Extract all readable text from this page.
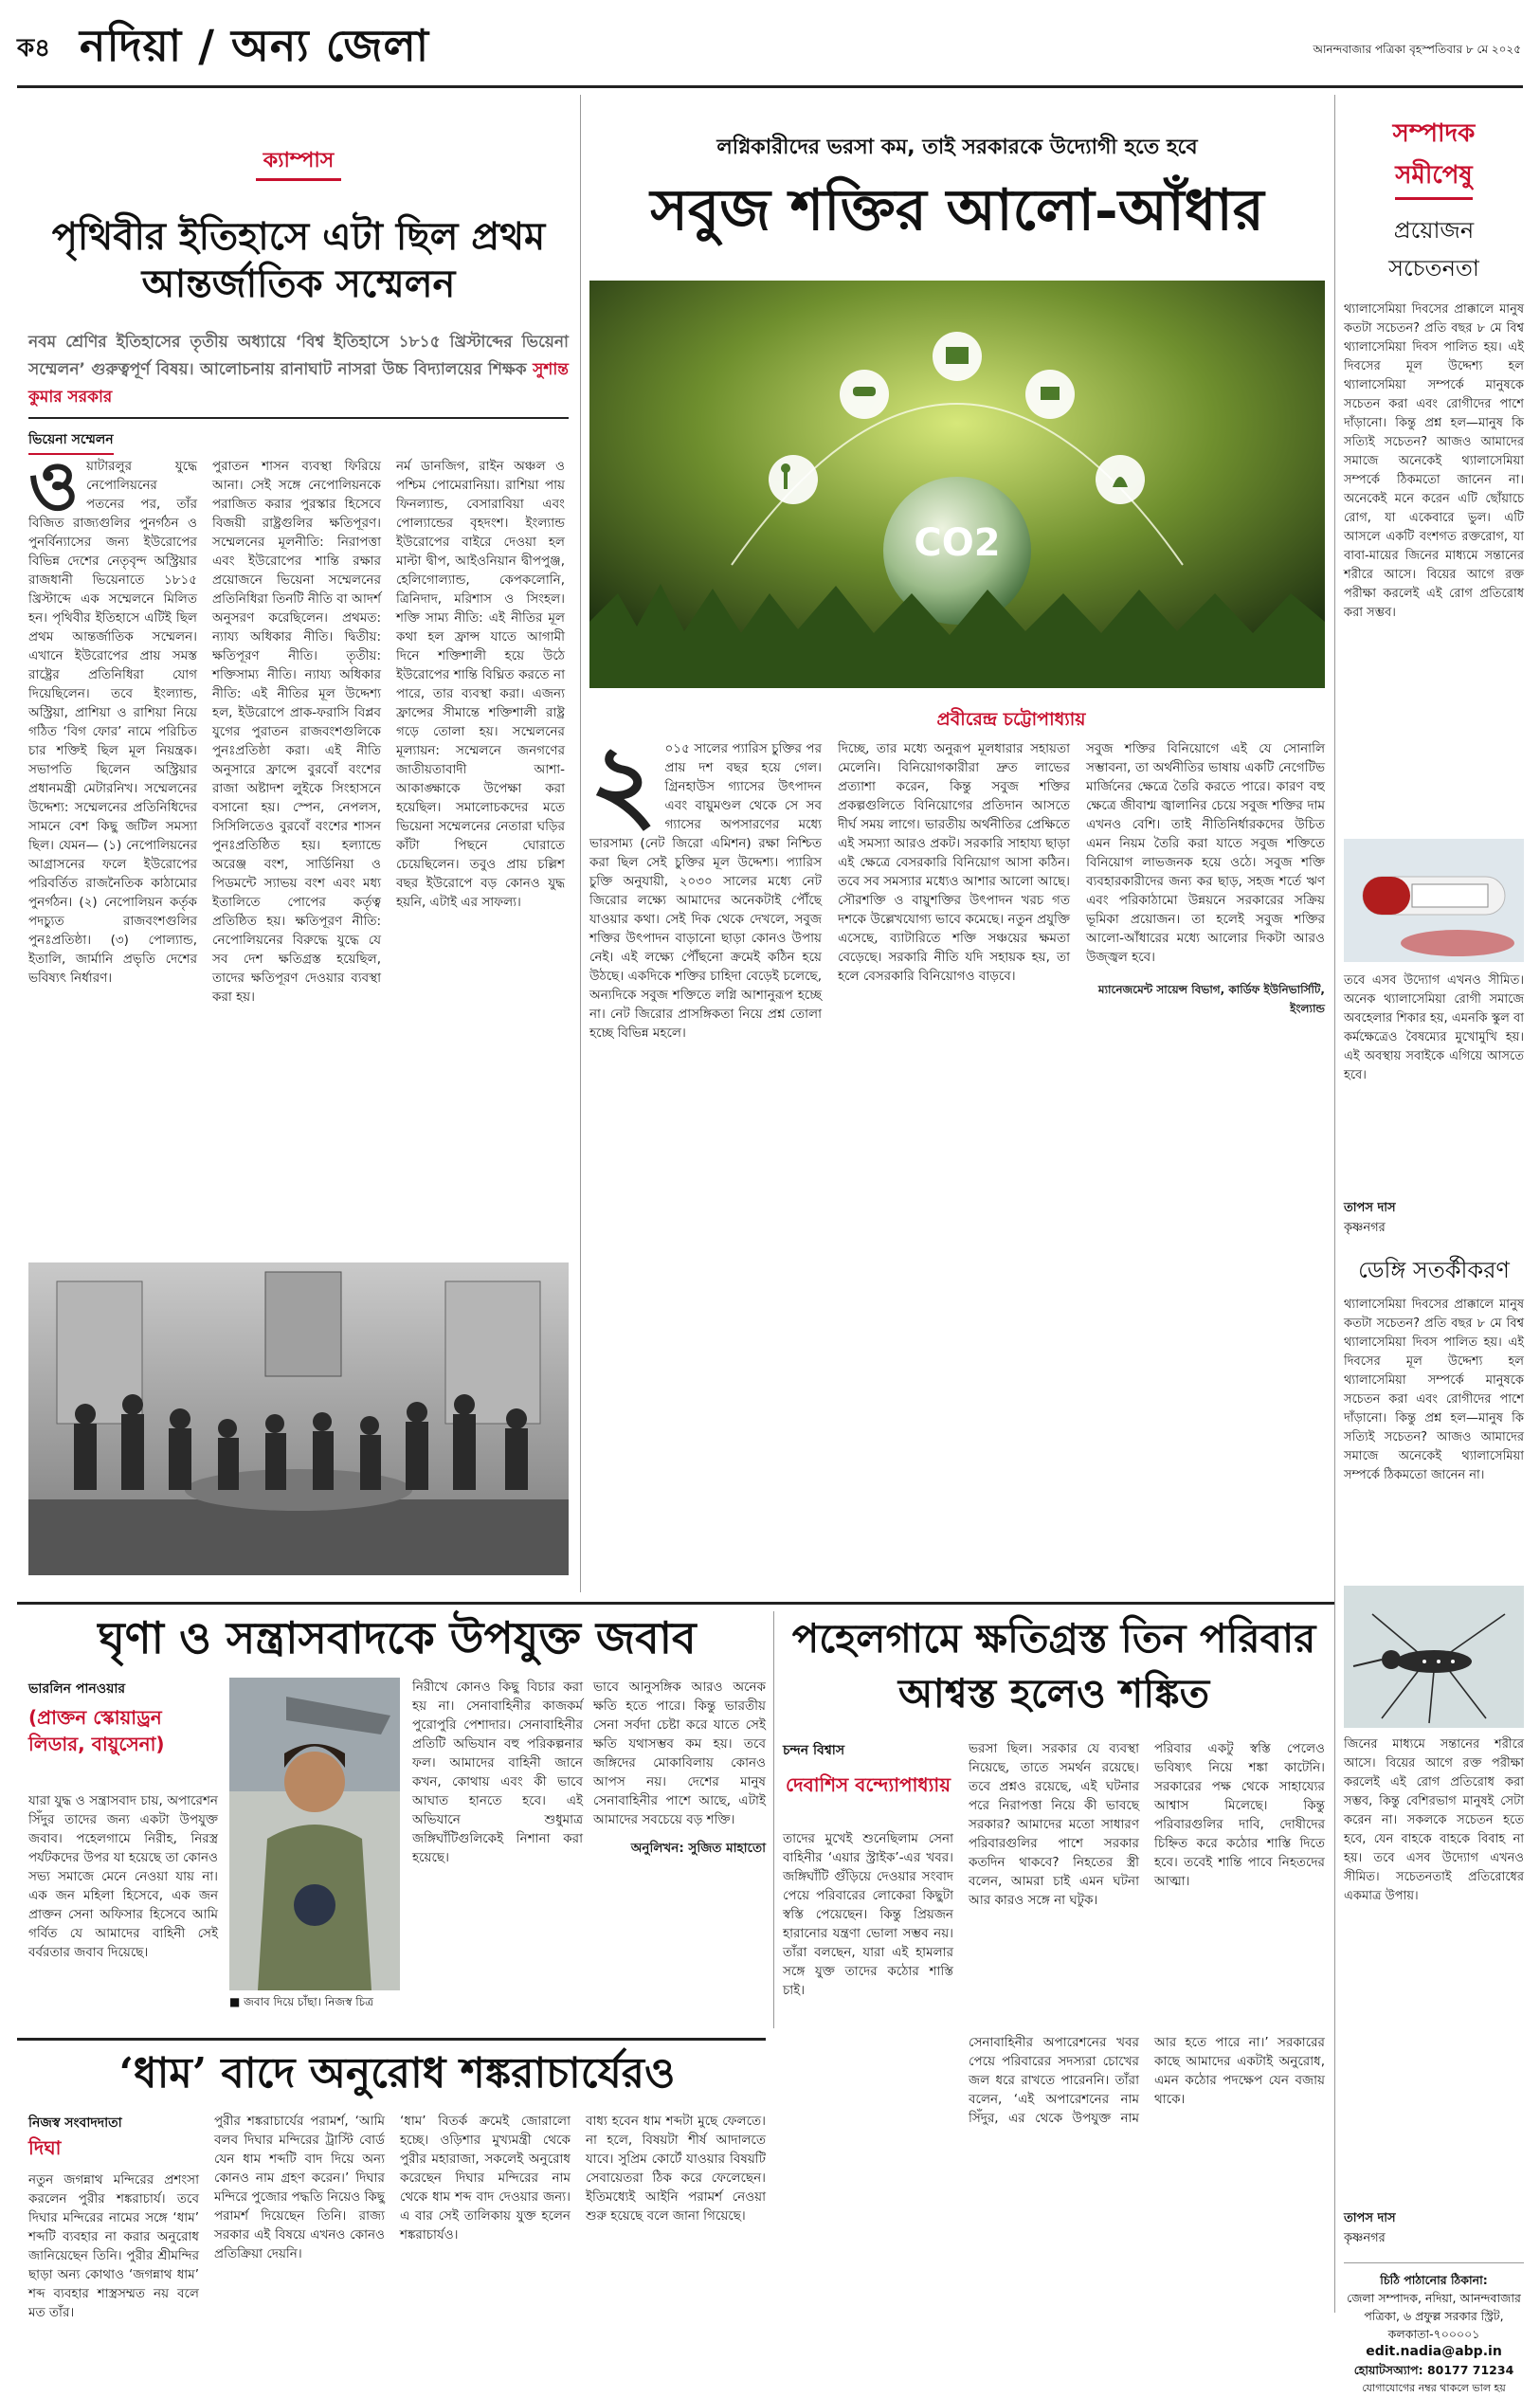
ক৪ নদিয়া / অন্য জেলা	আনন্দবাজার পত্রিকা বৃহস্পতিবার ৮ মে ২০২৫
ক্যাম্পাস
পৃথিবীর ইতিহাসে এটা ছিল প্রথম আন্তর্জাতিক সম্মেলন
নবম শ্রেণির ইতিহাসের তৃতীয় অধ্যায়ে ‘বিশ্ব ইতিহাসে ১৮১৫ খ্রিস্টাব্দের ভিয়েনা সম্মেলন’ গুরুত্বপূর্ণ বিষয়। আলোচনায় রানাঘাট নাসরা উচ্চ বিদ্যালয়ের শিক্ষক সুশান্ত কুমার সরকার
ভিয়েনা সম্মেলন
ও য়াটারলুর যুদ্ধে নেপোলিয়নের পতনের পর, তাঁর বিজিত রাজ্যগুলির পুনর্গঠন ও পুনর্বিন্যাসের জন্য ইউরোপের বিভিন্ন দেশের নেতৃবৃন্দ অস্ট্রিয়ার রাজধানী ভিয়েনাতে ১৮১৫ খ্রিস্টাব্দে এক সম্মেলনে মিলিত হন। পৃথিবীর ইতিহাসে এটিই ছিল প্রথম আন্তর্জাতিক সম্মেলন। এখানে ইউরোপের প্রায় সমস্ত রাষ্ট্রের প্রতিনিধিরা যোগ দিয়েছিলেন। তবে ইংল্যান্ড, অস্ট্রিয়া, প্রাশিয়া ও রাশিয়া নিয়ে গঠিত ‘বিগ ফোর’ নামে পরিচিত চার শক্তিই ছিল মূল নিয়ন্ত্রক। সভাপতি ছিলেন অস্ট্রিয়ার প্রধানমন্ত্রী মেটারনিখ। সম্মেলনের উদ্দেশ্য: সম্মেলনের প্রতিনিধিদের সামনে বেশ কিছু জটিল সমস্যা ছিল। যেমন— (১) নেপোলিয়নের আগ্রাসনের ফলে ইউরোপের পরিবর্তিত রাজনৈতিক কাঠামোর পুনর্গঠন। (২) নেপোলিয়ন কর্তৃক পদচ্যুত রাজবংশগুলির পুনঃপ্রতিষ্ঠা। (৩) পোল্যান্ড, ইতালি, জার্মানি প্রভৃতি দেশের ভবিষ্যৎ নির্ধারণ।
পুরাতন শাসন ব্যবস্থা ফিরিয়ে আনা। সেই সঙ্গে নেপোলিয়নকে পরাজিত করার পুরস্কার হিসেবে বিজয়ী রাষ্ট্রগুলির ক্ষতিপূরণ। সম্মেলনের মূলনীতি: নিরাপত্তা এবং ইউরোপের শান্তি রক্ষার প্রয়োজনে ভিয়েনা সম্মেলনের প্রতিনিধিরা তিনটি নীতি বা আদর্শ অনুসরণ করেছিলেন। প্রথমত: ন্যায্য অধিকার নীতি। দ্বিতীয়: ক্ষতিপূরণ নীতি। তৃতীয়: শক্তিসাম্য নীতি। ন্যায্য অধিকার নীতি: এই নীতির মূল উদ্দেশ্য হল, ইউরোপে প্রাক-ফরাসি বিপ্লব যুগের পুরাতন রাজবংশগুলিকে পুনঃপ্রতিষ্ঠা করা। এই নীতি অনুসারে ফ্রান্সে বুরবোঁ বংশের রাজা অষ্টাদশ লুইকে সিংহাসনে বসানো হয়। স্পেন, নেপলস, সিসিলিতেও বুরবোঁ বংশের শাসন পুনঃপ্রতিষ্ঠিত হয়। হল্যান্ডে অরেঞ্জ বংশ, সার্ডিনিয়া ও পিডমন্টে স্যাভয় বংশ এবং মধ্য ইতালিতে পোপের কর্তৃত্ব প্রতিষ্ঠিত হয়। ক্ষতিপূরণ নীতি: নেপোলিয়নের বিরুদ্ধে যুদ্ধে যে সব দেশ ক্ষতিগ্রস্ত হয়েছিল, তাদের ক্ষতিপূরণ দেওয়ার ব্যবস্থা করা হয়।
নর্ম ডানজিগ, রাইন অঞ্চল ও পশ্চিম পোমেরানিয়া। রাশিয়া পায় ফিনল্যান্ড, বেসারাবিয়া এবং পোল্যান্ডের বৃহদংশ। ইংল্যান্ড ইউরোপের বাইরে দেওয়া হল মাল্টা দ্বীপ, আইওনিয়ান দ্বীপপুঞ্জ, হেলিগোল্যান্ড, কেপকলোনি, ত্রিনিদাদ, মরিশাস ও সিংহল। শক্তি সাম্য নীতি: এই নীতির মূল কথা হল ফ্রান্স যাতে আগামী দিনে শক্তিশালী হয়ে উঠে ইউরোপের শান্তি বিঘ্নিত করতে না পারে, তার ব্যবস্থা করা। এজন্য ফ্রান্সের সীমান্তে শক্তিশালী রাষ্ট্র গড়ে তোলা হয়। সম্মেলনের মূল্যায়ন: সম্মেলনে জনগণের জাতীয়তাবাদী আশা-আকাঙ্ক্ষাকে উপেক্ষা করা হয়েছিল। সমালোচকদের মতে ভিয়েনা সম্মেলনের নেতারা ঘড়ির কাঁটা পিছনে ঘোরাতে চেয়েছিলেন। তবুও প্রায় চল্লিশ বছর ইউরোপে বড় কোনও যুদ্ধ হয়নি, এটাই এর সাফল্য।
লগ্নিকারীদের ভরসা কম, তাই সরকারকে উদ্যোগী হতে হবে
সবুজ শক্তির আলো-আঁধার
CO2
প্রবীরেন্দ্র চট্টোপাধ্যায়
২ ০১৫ সালের প্যারিস চুক্তির পর প্রায় দশ বছর হয়ে গেল। গ্রিনহাউস গ্যাসের উৎপাদন এবং বায়ুমণ্ডল থেকে সে সব গ্যাসের অপসারণের মধ্যে ভারসাম্য (নেট জিরো এমিশন) রক্ষা নিশ্চিত করা ছিল সেই চুক্তির মূল উদ্দেশ্য। প্যারিস চুক্তি অনুযায়ী, ২০৩০ সালের মধ্যে নেট জিরোর লক্ষ্যে আমাদের অনেকটাই পৌঁছে যাওয়ার কথা। সেই দিক থেকে দেখলে, সবুজ শক্তির উৎপাদন বাড়ানো ছাড়া কোনও উপায় নেই। এই লক্ষ্যে পৌঁছনো ক্রমেই কঠিন হয়ে উঠছে। একদিকে শক্তির চাহিদা বেড়েই চলেছে, অন্যদিকে সবুজ শক্তিতে লগ্নি আশানুরূপ হচ্ছে না। নেট জিরোর প্রাসঙ্গিকতা নিয়ে প্রশ্ন তোলা হচ্ছে বিভিন্ন মহলে।
দিচ্ছে, তার মধ্যে অনুরূপ মূলধারার সহায়তা মেলেনি। বিনিয়োগকারীরা দ্রুত লাভের প্রত্যাশা করেন, কিন্তু সবুজ শক্তির প্রকল্পগুলিতে বিনিয়োগের প্রতিদান আসতে দীর্ঘ সময় লাগে। ভারতীয় অর্থনীতির প্রেক্ষিতে এই সমস্যা আরও প্রকট। সরকারি সাহায্য ছাড়া এই ক্ষেত্রে বেসরকারি বিনিয়োগ আসা কঠিন। তবে সব সমস্যার মধ্যেও আশার আলো আছে। সৌরশক্তি ও বায়ুশক্তির উৎপাদন খরচ গত দশকে উল্লেখযোগ্য ভাবে কমেছে। নতুন প্রযুক্তি এসেছে, ব্যাটারিতে শক্তি সঞ্চয়ের ক্ষমতা বেড়েছে। সরকারি নীতি যদি সহায়ক হয়, তা হলে বেসরকারি বিনিয়োগও বাড়বে।
সবুজ শক্তির বিনিয়োগে এই যে সোনালি সম্ভাবনা, তা অর্থনীতির ভাষায় একটি নেগেটিভ মার্জিনের ক্ষেত্রে তৈরি করতে পারে। কারণ বহু ক্ষেত্রে জীবাশ্ম জ্বালানির চেয়ে সবুজ শক্তির দাম এখনও বেশি। তাই নীতিনির্ধারকদের উচিত এমন নিয়ম তৈরি করা যাতে সবুজ শক্তিতে বিনিয়োগ লাভজনক হয়ে ওঠে। সবুজ শক্তি ব্যবহারকারীদের জন্য কর ছাড়, সহজ শর্তে ঋণ এবং পরিকাঠামো উন্নয়নে সরকারের সক্রিয় ভূমিকা প্রয়োজন। তা হলেই সবুজ শক্তির আলো-আঁধারের মধ্যে আলোর দিকটা আরও উজ্জ্বল হবে।
ম্যানেজমেন্ট সায়েন্স বিভাগ, কার্ডিফ ইউনিভার্সিটি, ইংল্যান্ড
সম্পাদক
সমীপেষু
প্রয়োজন
সচেতনতা
থ্যালাসেমিয়া দিবসের প্রাক্কালে মানুষ কতটা সচেতন? প্রতি বছর ৮ মে বিশ্ব থ্যালাসেমিয়া দিবস পালিত হয়। এই দিবসের মূল উদ্দেশ্য হল থ্যালাসেমিয়া সম্পর্কে মানুষকে সচেতন করা এবং রোগীদের পাশে দাঁড়ানো। কিন্তু প্রশ্ন হল—মানুষ কি সত্যিই সচেতন? আজও আমাদের সমাজে অনেকেই থ্যালাসেমিয়া সম্পর্কে ঠিকমতো জানেন না। অনেকেই মনে করেন এটি ছোঁয়াচে রোগ, যা একেবারে ভুল। এটি আসলে একটি বংশগত রক্তরোগ, যা বাবা-মায়ের জিনের মাধ্যমে সন্তানের শরীরে আসে। বিয়ের আগে রক্ত পরীক্ষা করলেই এই রোগ প্রতিরোধ করা সম্ভব।
তবে এসব উদ্যোগ এখনও সীমিত। অনেক থ্যালাসেমিয়া রোগী সমাজে অবহেলার শিকার হয়, এমনকি স্কুল বা কর্মক্ষেত্রেও বৈষম্যের মুখোমুখি হয়। এই অবস্থায় সবাইকে এগিয়ে আসতে হবে।
তাপস দাস
কৃষ্ণনগর
ডেঙ্গি সতর্কীকরণ
থ্যালাসেমিয়া দিবসের প্রাক্কালে মানুষ কতটা সচেতন? প্রতি বছর ৮ মে বিশ্ব থ্যালাসেমিয়া দিবস পালিত হয়। এই দিবসের মূল উদ্দেশ্য হল থ্যালাসেমিয়া সম্পর্কে মানুষকে সচেতন করা এবং রোগীদের পাশে দাঁড়ানো। কিন্তু প্রশ্ন হল—মানুষ কি সত্যিই সচেতন? আজও আমাদের সমাজে অনেকেই থ্যালাসেমিয়া সম্পর্কে ঠিকমতো জানেন না।
জিনের মাধ্যমে সন্তানের শরীরে আসে। বিয়ের আগে রক্ত পরীক্ষা করলেই এই রোগ প্রতিরোধ করা সম্ভব, কিন্তু বেশিরভাগ মানুষই সেটা করেন না। সকলকে সচেতন হতে হবে, যেন বাহকে বাহকে বিবাহ না হয়। তবে এসব উদ্যোগ এখনও সীমিত। সচেতনতাই প্রতিরোধের একমাত্র উপায়।
তাপস দাস
কৃষ্ণনগর
চিঠি পাঠানোর ঠিকানা:
জেলা সম্পাদক, নদিয়া, আনন্দবাজার পত্রিকা, ৬ প্রফুল্ল সরকার স্ট্রিট, কলকাতা-৭০০০০১
edit.nadia@abp.in
হোয়াটসঅ্যাপ: 80177 71234
যোগাযোগের নম্বর থাকলে ভাল হয়
ঘৃণা ও সন্ত্রাসবাদকে উপযুক্ত জবাব
ভারলিন পানওয়ার
(প্রাক্তন স্কোয়াড্রন লিডার, বায়ুসেনা)
যারা যুদ্ধ ও সন্ত্রাসবাদ চায়, অপারেশন সিঁদুর তাদের জন্য একটা উপযুক্ত জবাব। পহেলগামে নিরীহ, নিরস্ত্র পর্যটকদের উপর যা হয়েছে তা কোনও সভ্য সমাজে মেনে নেওয়া যায় না। এক জন মহিলা হিসেবে, এক জন প্রাক্তন সেনা অফিসার হিসেবে আমি গর্বিত যে আমাদের বাহিনী সেই বর্বরতার জবাব দিয়েছে।
■ জবাব দিয়ে চাঁছা। নিজস্ব চিত্র
নিরীখে কোনও কিছু বিচার করা হয় না। সেনাবাহিনীর কাজকর্ম পুরোপুরি পেশাদার। সেনাবাহিনীর প্রতিটি অভিযান বহু পরিকল্পনার ফল। আমাদের বাহিনী জানে কখন, কোথায় এবং কী ভাবে আঘাত হানতে হবে। এই অভিযানে শুধুমাত্র জঙ্গিঘাঁটিগুলিকেই নিশানা করা হয়েছে।
ভাবে আনুসঙ্গিক আরও অনেক ক্ষতি হতে পারে। কিন্তু ভারতীয় সেনা সর্বদা চেষ্টা করে যাতে সেই ক্ষতি যথাসম্ভব কম হয়। তবে জঙ্গিদের মোকাবিলায় কোনও আপস নয়। দেশের মানুষ সেনাবাহিনীর পাশে আছে, এটাই আমাদের সবচেয়ে বড় শক্তি।
অনুলিখন: সুজিত মাহাতো
পহেলগামে ক্ষতিগ্রস্ত তিন পরিবার আশ্বস্ত হলেও শঙ্কিত
চন্দন বিশ্বাস
দেবাশিস বন্দ্যোপাধ্যায়
তাদের মুখেই শুনেছিলাম সেনা বাহিনীর ‘এয়ার স্ট্রাইক’-এর খবর। জঙ্গিঘাঁটি গুঁড়িয়ে দেওয়ার সংবাদ পেয়ে পরিবারের লোকেরা কিছুটা স্বস্তি পেয়েছেন। কিন্তু প্রিয়জন হারানোর যন্ত্রণা ভোলা সম্ভব নয়। তাঁরা বলছেন, যারা এই হামলার সঙ্গে যুক্ত তাদের কঠোর শাস্তি চাই।
ভরসা ছিল। সরকার যে ব্যবস্থা নিয়েছে, তাতে সমর্থন রয়েছে। তবে প্রশ্নও রয়েছে, এই ঘটনার পরে নিরাপত্তা নিয়ে কী ভাবছে সরকার? আমাদের মতো সাধারণ পরিবারগুলির পাশে সরকার কতদিন থাকবে? নিহতের স্ত্রী বলেন, আমরা চাই এমন ঘটনা আর কারও সঙ্গে না ঘটুক।
পরিবার একটু স্বস্তি পেলেও ভবিষ্যৎ নিয়ে শঙ্কা কাটেনি। সরকারের পক্ষ থেকে সাহায্যের আশ্বাস মিলেছে। কিন্তু পরিবারগুলির দাবি, দোষীদের চিহ্নিত করে কঠোর শাস্তি দিতে হবে। তবেই শান্তি পাবে নিহতদের আত্মা।
সেনাবাহিনীর অপারেশনের খবর পেয়ে পরিবারের সদস্যরা চোখের জল ধরে রাখতে পারেননি। তাঁরা বলেন, ‘এই অপারেশনের নাম সিঁদুর, এর থেকে উপযুক্ত নাম আর হতে পারে না।’ সরকারের কাছে আমাদের একটাই অনুরোধ, এমন কঠোর পদক্ষেপ যেন বজায় থাকে।
‘ধাম’ বাদে অনুরোধ শঙ্করাচার্যেরও
নিজস্ব সংবাদদাতা
দিঘা
নতুন জগন্নাথ মন্দিরের প্রশংসা করলেন পুরীর শঙ্করাচার্য। তবে দিঘার মন্দিরের নামের সঙ্গে ‘ধাম’ শব্দটি ব্যবহার না করার অনুরোধ জানিয়েছেন তিনি। পুরীর শ্রীমন্দির ছাড়া অন্য কোথাও ‘জগন্নাথ ধাম’ শব্দ ব্যবহার শাস্ত্রসম্মত নয় বলে মত তাঁর।
পুরীর শঙ্করাচার্যের পরামর্শ, ‘আমি বলব দিঘার মন্দিরের ট্রাস্টি বোর্ড যেন ধাম শব্দটি বাদ দিয়ে অন্য কোনও নাম গ্রহণ করেন।’ দিঘার মন্দিরে পুজোর পদ্ধতি নিয়েও কিছু পরামর্শ দিয়েছেন তিনি। রাজ্য সরকার এই বিষয়ে এখনও কোনও প্রতিক্রিয়া দেয়নি।
‘ধাম’ বিতর্ক ক্রমেই জোরালো হচ্ছে। ওড়িশার মুখ্যমন্ত্রী থেকে পুরীর মহারাজা, সকলেই অনুরোধ করেছেন দিঘার মন্দিরের নাম থেকে ধাম শব্দ বাদ দেওয়ার জন্য। এ বার সেই তালিকায় যুক্ত হলেন শঙ্করাচার্যও।
বাধ্য হবেন ধাম শব্দটা মুছে ফেলতে। না হলে, বিষয়টা শীর্ষ আদালতে যাবে। সুপ্রিম কোর্টে যাওয়ার বিষয়টি সেবায়েতরা ঠিক করে ফেলেছেন। ইতিমধ্যেই আইনি পরামর্শ নেওয়া শুরু হয়েছে বলে জানা গিয়েছে।
